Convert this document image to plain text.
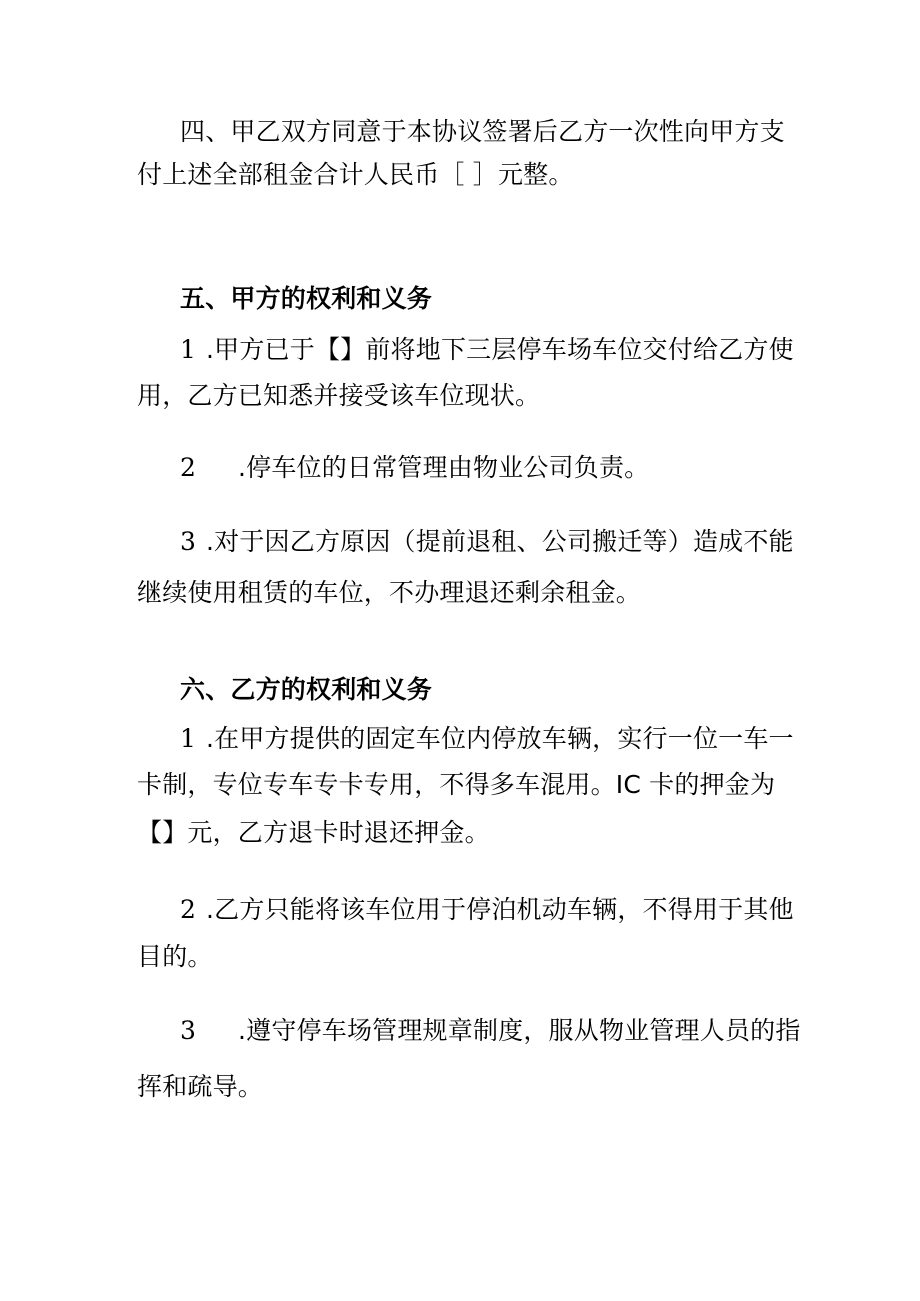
四、甲乙双方同意于本协议签署后乙方一次性向甲方支
付上述全部租金合计人民币［ ］元整。
五、甲方的权利和义务
1 .甲方已于【】前将地下三层停车场车位交付给乙方使
用，乙方已知悉并接受该车位现状。
2 .停车位的日常管理由物业公司负责。
3 .对于因乙方原因（提前退租、公司搬迁等）造成不能
继续使用租赁的车位，不办理退还剩余租金。
六、乙方的权利和义务
1 .在甲方提供的固定车位内停放车辆，实行一位一车一
卡制，专位专车专卡专用，不得多车混用。IC 卡的押金为
【】元，乙方退卡时退还押金。
2 .乙方只能将该车位用于停泊机动车辆，不得用于其他
目的。
3 .遵守停车场管理规章制度，服从物业管理人员的指
挥和疏导。
